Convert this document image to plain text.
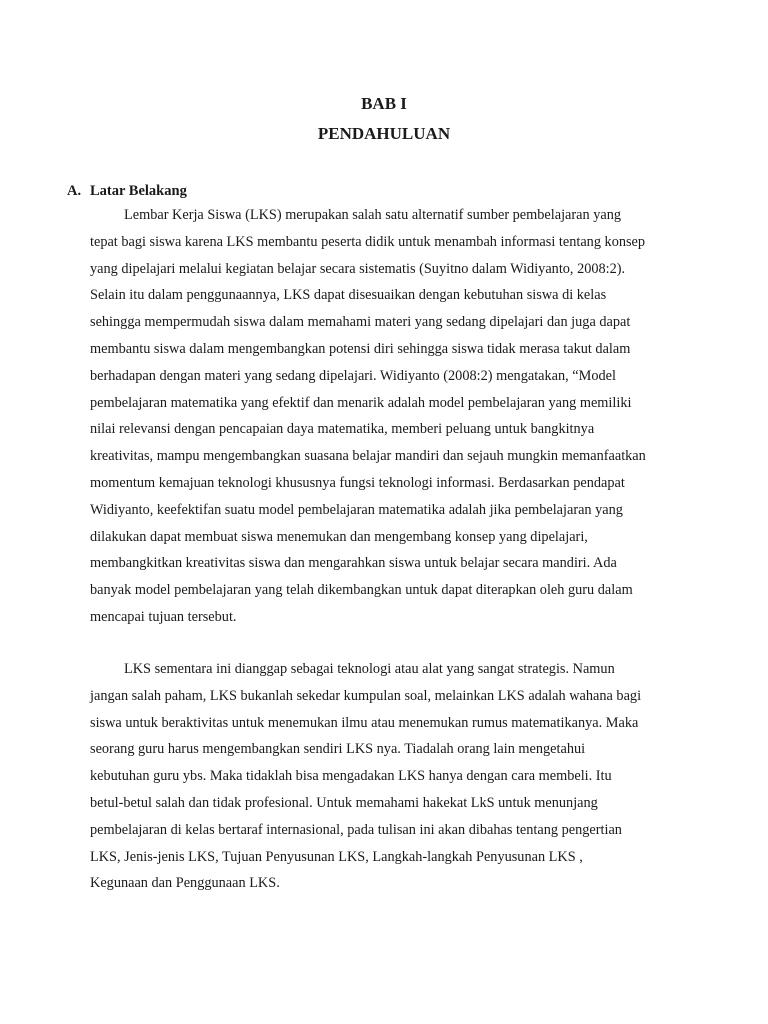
BAB I
PENDAHULUAN
A. Latar Belakang

Lembar Kerja Siswa (LKS) merupakan salah satu alternatif sumber pembelajaran yang
tepat bagi siswa karena LKS membantu peserta didik untuk menambah informasi tentang konsep
yang dipelajari melalui kegiatan belajar secara sistematis (Suyitno dalam Widiyanto, 2008:2).
Selain itu dalam penggunaannya, LKS dapat disesuaikan dengan kebutuhan siswa di kelas
sehingga mempermudah siswa dalam memahami materi yang sedang dipelajari dan juga dapat
membantu siswa dalam mengembangkan potensi diri sehingga siswa tidak merasa takut dalam
berhadapan dengan materi yang sedang dipelajari. Widiyanto (2008:2) mengatakan, “Model
pembelajaran matematika yang efektif dan menarik adalah model pembelajaran yang memiliki
nilai relevansi dengan pencapaian daya matematika, memberi peluang untuk bangkitnya
kreativitas, mampu mengembangkan suasana belajar mandiri dan sejauh mungkin memanfaatkan
momentum kemajuan teknologi khususnya fungsi teknologi informasi. Berdasarkan pendapat
Widiyanto, keefektifan suatu model pembelajaran matematika adalah jika pembelajaran yang
dilakukan dapat membuat siswa menemukan dan mengembang konsep yang dipelajari,
membangkitkan kreativitas siswa dan mengarahkan siswa untuk belajar secara mandiri. Ada
banyak model pembelajaran yang telah dikembangkan untuk dapat diterapkan oleh guru dalam
mencapai tujuan tersebut.

LKS sementara ini dianggap sebagai teknologi atau alat yang sangat strategis. Namun
jangan salah paham, LKS bukanlah sekedar kumpulan soal, melainkan LKS adalah wahana bagi
siswa untuk beraktivitas untuk menemukan ilmu atau menemukan rumus matematikanya. Maka
seorang guru harus mengembangkan sendiri LKS nya. Tiadalah orang lain mengetahui
kebutuhan guru ybs. Maka tidaklah bisa mengadakan LKS hanya dengan cara membeli. Itu
betul-betul salah dan tidak profesional. Untuk memahami hakekat LkS untuk menunjang
pembelajaran di kelas bertaraf internasional, pada tulisan ini akan dibahas tentang pengertian
LKS, Jenis-jenis LKS, Tujuan Penyusunan LKS, Langkah-langkah Penyusunan LKS ,
Kegunaan dan Penggunaan LKS.
